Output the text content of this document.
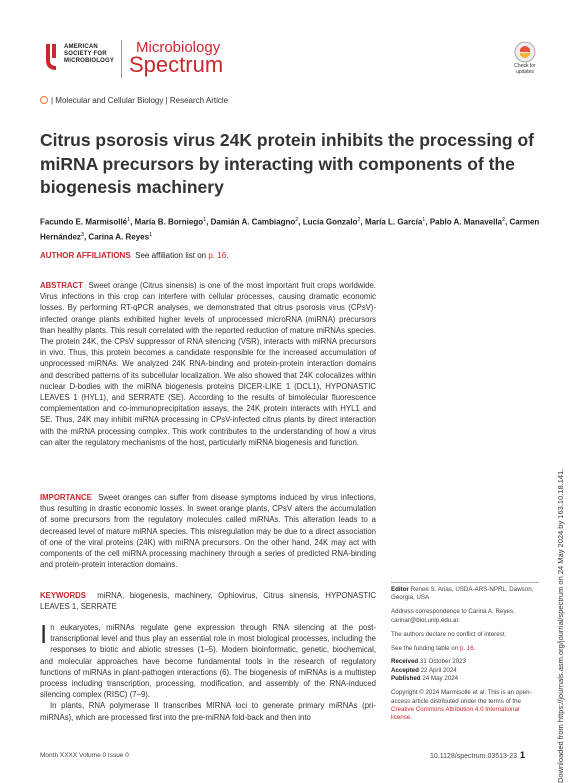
AMERICAN
SOCIETY FOR
MICROBIOLOGY
Microbiology
Spectrum	Check for
updates
| Molecular and Cellular Biology | Research Article
Citrus psorosis virus 24K protein inhibits the processing of miRNA precursors by interacting with components of the biogenesis machinery
Facundo E. Marmisollé$^1$, María B. Borniego$^1$, Damián A. Cambiagno$^2$, Lucía Gonzalo$^2$, María L. García$^1$, Pablo A. Manavella$^2$, Carmen Hernández$^3$, Carina A. Reyes$^1$
AUTHOR AFFILIATIONS See affiliation list on p. 16.
ABSTRACT Sweet orange (Citrus sinensis) is one of the most important fruit crops worldwide. Virus infections in this crop can interfere with cellular processes, causing dramatic economic losses. By performing RT-qPCR analyses, we demonstrated that citrus psorosis virus (CPsV)-infected orange plants exhibited higher levels of unprocessed microRNA (miRNA) precursors than healthy plants. This result correlated with the reported reduction of mature miRNAs species. The protein 24K, the CPsV suppressor of RNA silencing (VSR), interacts with miRNA precursors in vivo. Thus, this protein becomes a candidate responsible for the increased accumulation of unprocessed miRNAs. We analyzed 24K RNA-binding and protein-protein interaction domains and described patterns of its subcellular localization. We also showed that 24K colocalizes within nuclear D-bodies with the miRNA biogenesis proteins DICER-LIKE 1 (DCL1), HYPONASTIC LEAVES 1 (HYL1), and SERRATE (SE). According to the results of bimolecular fluorescence complementation and co-immunoprecipitation assays, the 24K protein interacts with HYL1 and SE. Thus, 24K may inhibit miRNA processing in CPsV-infected citrus plants by direct interaction with the miRNA processing complex. This work contributes to the understanding of how a virus can alter the regulatory mechanisms of the host, particularly miRNA biogenesis and function.
IMPORTANCE Sweet oranges can suffer from disease symptoms induced by virus infections, thus resulting in drastic economic losses. In sweet orange plants, CPsV alters the accumulation of some precursors from the regulatory molecules called miRNAs. This alteration leads to a decreased level of mature miRNA species. This misregulation may be due to a direct association of one of the viral proteins (24K) with miRNA precursors. On the other hand, 24K may act with components of the cell miRNA processing machinery through a series of predicted RNA-binding and protein-protein interaction domains.
KEYWORDS miRNA, biogenesis, machinery, Ophiovirus, Citrus sinensis, HYPONASTIC LEAVES 1, SERRATE
In eukaryotes, miRNAs regulate gene expression through RNA silencing at the post-transcriptional level and thus play an essential role in most biological processes, including the responses to biotic and abiotic stresses (1–5). Modern bioinformatic, genetic, biochemical, and molecular approaches have become fundamental tools in the research of regulatory functions of miRNAs in plant-pathogen interactions (6). The biogenesis of miRNAs is a multistep process including transcription, processing, modification, and assembly of the RNA-induced silencing complex (RISC) (7–9).
In plants, RNA polymerase II transcribes MIRNA loci to generate primary miRNAs (pri-miRNAs), which are processed first into the pre-miRNA fold-back and then into

Editor Renee S. Arias, USDA-ARS-NPRL, Dawson, Georgia, USA

Address correspondence to Carina A. Reyes, carinar@biol.unlp.edu.ar.

The authors declare no conflict of interest.

See the funding table on p. 16.

Received 31 October 2023
Accepted 22 April 2024
Published 24 May 2024

Copyright © 2024 Marmisollé et al. This is an open-access article distributed under the terms of the Creative Commons Attribution 4.0 International license.

Month XXXX Volume 0 Issue 0	10.1128/spectrum.03513-23 1	Downloaded from https://journals.asm.org/journal/spectrum on 24 May 2024 by 163.10.18.141.
